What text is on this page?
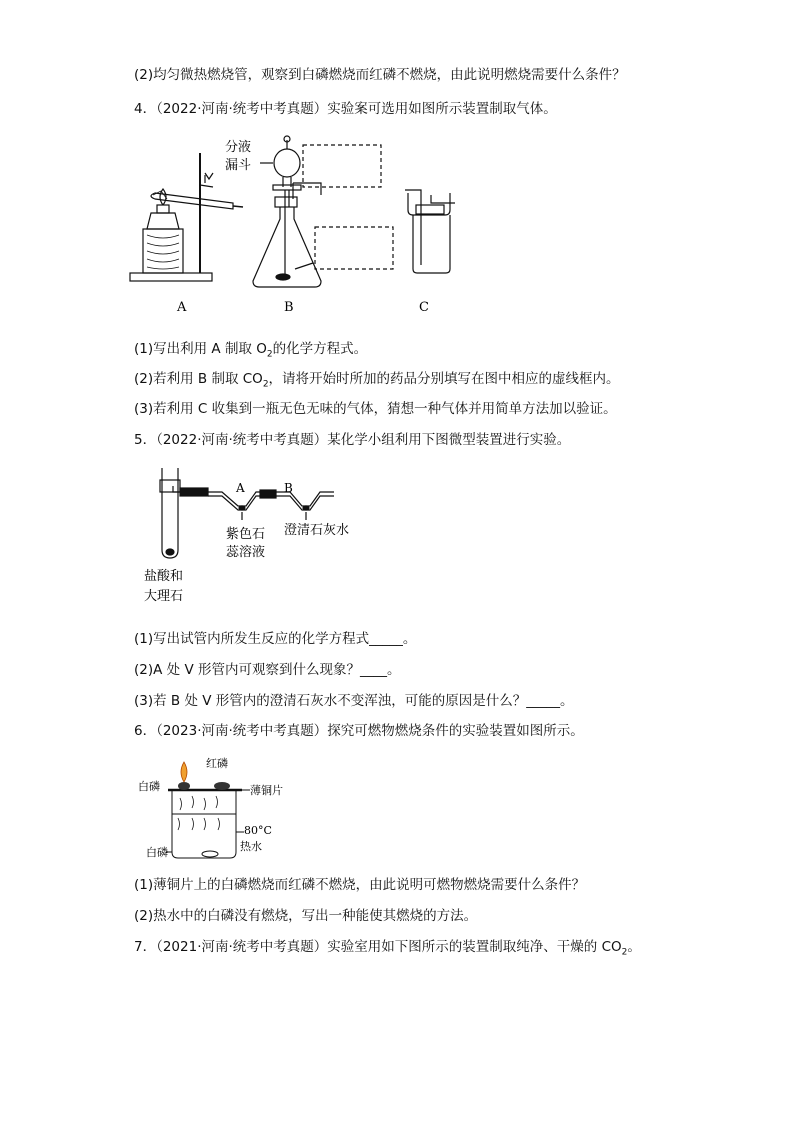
(2)均匀微热燃烧管，观察到白磷燃烧而红磷不燃烧，由此说明燃烧需要什么条件？
4．（2022·河南·统考中考真题）实验案可选用如图所示装置制取气体。
A
分液
漏斗
B	C
(1)写出利用 A 制取 $O_2$的化学方程式。
(2)若利用 B 制取 $CO_2$，请将开始时所加的药品分别填写在图中相应的虚线框内。
(3)若利用 C 收集到一瓶无色无味的气体，猜想一种气体并用简单方法加以验证。
5．（2022·河南·统考中考真题）某化学小组利用下图微型装置进行实验。
A	B
紫色石
蕊溶液
澄清石灰水
盐酸和
大理石
(1)写出试管内所发生反应的化学方程式_____。
(2)A 处 V 形管内可观察到什么现象？____。
(3)若 B 处 V 形管内的澄清石灰水不变浑浊，可能的原因是什么？_____。
6．（2023·河南·统考中考真题）探究可燃物燃烧条件的实验装置如图所示。
红磷
白磷	薄铜片
80°C
热水
白磷
(1)薄铜片上的白磷燃烧而红磷不燃烧，由此说明可燃物燃烧需要什么条件？
(2)热水中的白磷没有燃烧，写出一种能使其燃烧的方法。
7．（2021·河南·统考中考真题）实验室用如下图所示的装置制取纯净、干燥的 $CO_2$。
